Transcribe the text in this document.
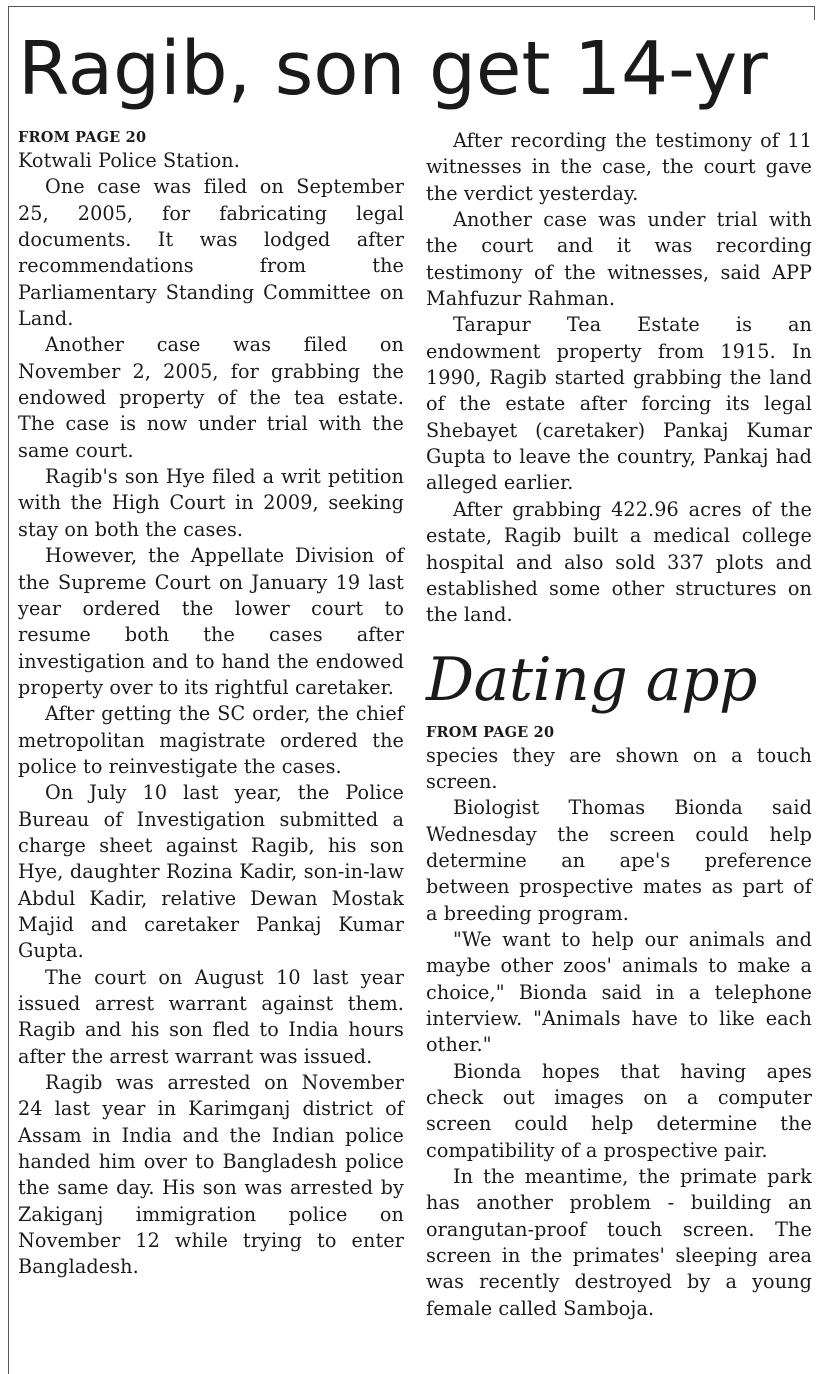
Ragib, son get 14-yr

FROM PAGE 20

Kotwali Police Station.

One case was filed on September 25, 2005, for fabricating legal documents. It was lodged after recommendations from the Parliamentary Standing Committee on Land.

Another case was filed on November 2, 2005, for grabbing the endowed property of the tea estate. The case is now under trial with the same court.

Ragib's son Hye filed a writ petition with the High Court in 2009, seeking stay on both the cases.

However, the Appellate Division of the Supreme Court on January 19 last year ordered the lower court to resume both the cases after investigation and to hand the endowed property over to its rightful caretaker.

After getting the SC order, the chief metropolitan magistrate ordered the police to reinvestigate the cases.

On July 10 last year, the Police Bureau of Investigation submitted a charge sheet against Ragib, his son Hye, daughter Rozina Kadir, son-in-law Abdul Kadir, relative Dewan Mostak Majid and caretaker Pankaj Kumar Gupta.

The court on August 10 last year issued arrest warrant against them. Ragib and his son fled to India hours after the arrest warrant was issued.

Ragib was arrested on November 24 last year in Karimganj district of Assam in India and the Indian police handed him over to Bangladesh police the same day. His son was arrested by Zakiganj immigration police on November 12 while trying to enter Bangladesh.

After recording the testimony of 11 witnesses in the case, the court gave the verdict yesterday.

Another case was under trial with the court and it was recording testimony of the witnesses, said APP Mahfuzur Rahman.

Tarapur Tea Estate is an endowment property from 1915. In 1990, Ragib started grabbing the land of the estate after forcing its legal Shebayet (caretaker) Pankaj Kumar Gupta to leave the country, Pankaj had alleged earlier.

After grabbing 422.96 acres of the estate, Ragib built a medical college hospital and also sold 337 plots and established some other structures on the land.

Dating app

FROM PAGE 20

species they are shown on a touch screen.

Biologist Thomas Bionda said Wednesday the screen could help determine an ape's preference between prospective mates as part of a breeding program.

"We want to help our animals and maybe other zoos' animals to make a choice," Bionda said in a telephone interview. "Animals have to like each other."

Bionda hopes that having apes check out images on a computer screen could help determine the compatibility of a prospective pair.

In the meantime, the primate park has another problem - building an orangutan-proof touch screen. The screen in the primates' sleeping area was recently destroyed by a young female called Samboja.
